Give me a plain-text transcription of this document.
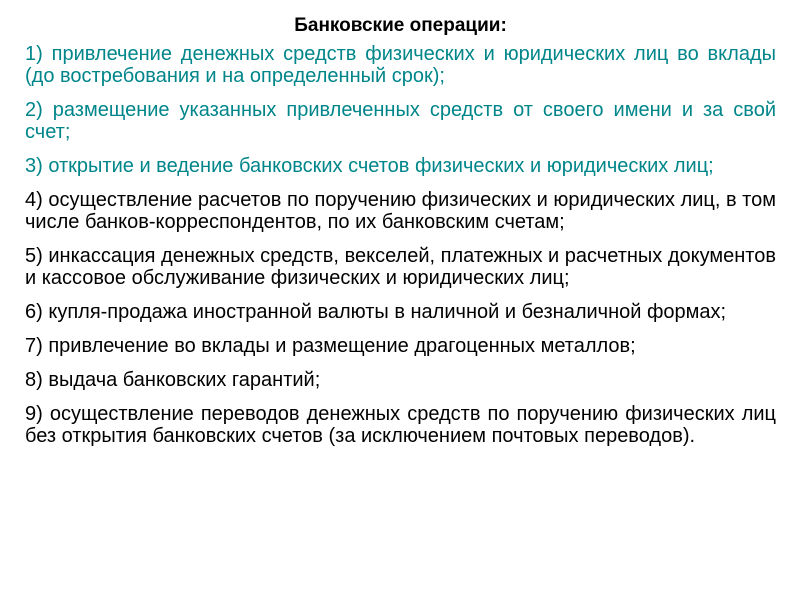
Банковские операции:
1) привлечение денежных средств физических и юридических лиц во вклады (до востребования и на определенный срок);
2) размещение указанных привлеченных средств от своего имени и за свой счет;
3) открытие и ведение банковских счетов физических и юридических лиц;
4) осуществление расчетов по поручению физических и юридических лиц, в том числе банков-корреспондентов, по их банковским счетам;
5) инкассация денежных средств, векселей, платежных и расчетных документов и кассовое обслуживание физических и юридических лиц;
6) купля-продажа иностранной валюты в наличной и безналичной формах;
7) привлечение во вклады и размещение драгоценных металлов;
8) выдача банковских гарантий;
9) осуществление переводов денежных средств по поручению физических лиц без открытия банковских счетов (за исключением почтовых переводов).
